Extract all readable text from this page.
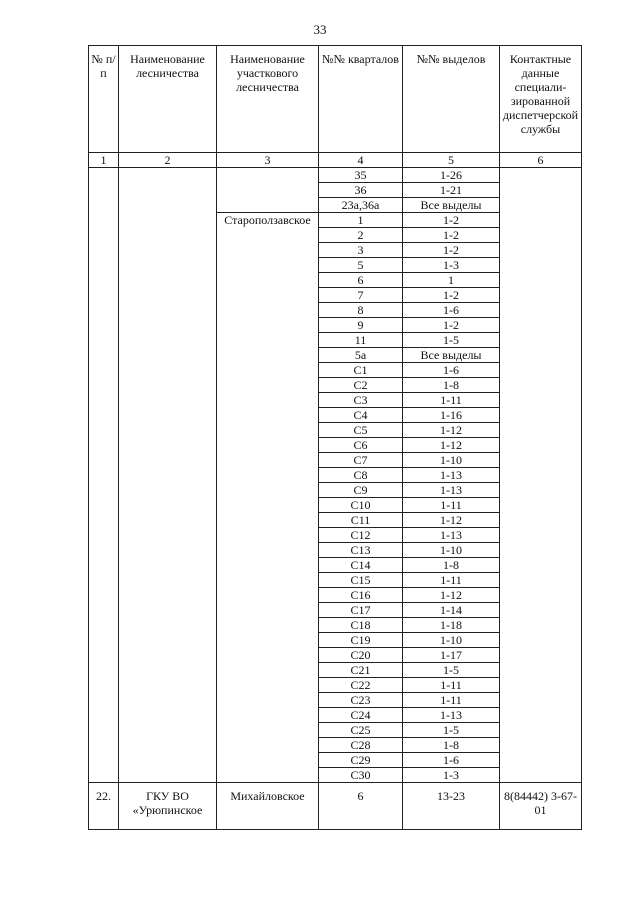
33
№ п/п	Наименование лесничества	Наименование участкового лесничества	№№ кварталов	№№ выделов	Контактные данные специали-зированной диспетчерской службы
1	2	3	4	5	6
			35	1-26	
			36	1-21	
			23а,36а	Все выделы	
		Староползавское	1	1-2	
			2	1-2	
			3	1-2	
			5	1-3	
			6	1	
			7	1-2	
			8	1-6	
			9	1-2	
			11	1-5	
			5а	Все выделы	
			С1	1-6	
			С2	1-8	
			С3	1-11	
			С4	1-16	
			С5	1-12	
			С6	1-12	
			С7	1-10	
			С8	1-13	
			С9	1-13	
			С10	1-11	
			С11	1-12	
			С12	1-13	
			С13	1-10	
			С14	1-8	
			С15	1-11	
			С16	1-12	
			С17	1-14	
			С18	1-18	
			С19	1-10	
			С20	1-17	
			С21	1-5	
			С22	1-11	
			С23	1-11	
			С24	1-13	
			С25	1-5	
			С28	1-8	
			С29	1-6	
			С30	1-3	
22.	ГКУ ВО «Урюпинское	Михайловское	6	13-23	8(84442) 3-67-01
